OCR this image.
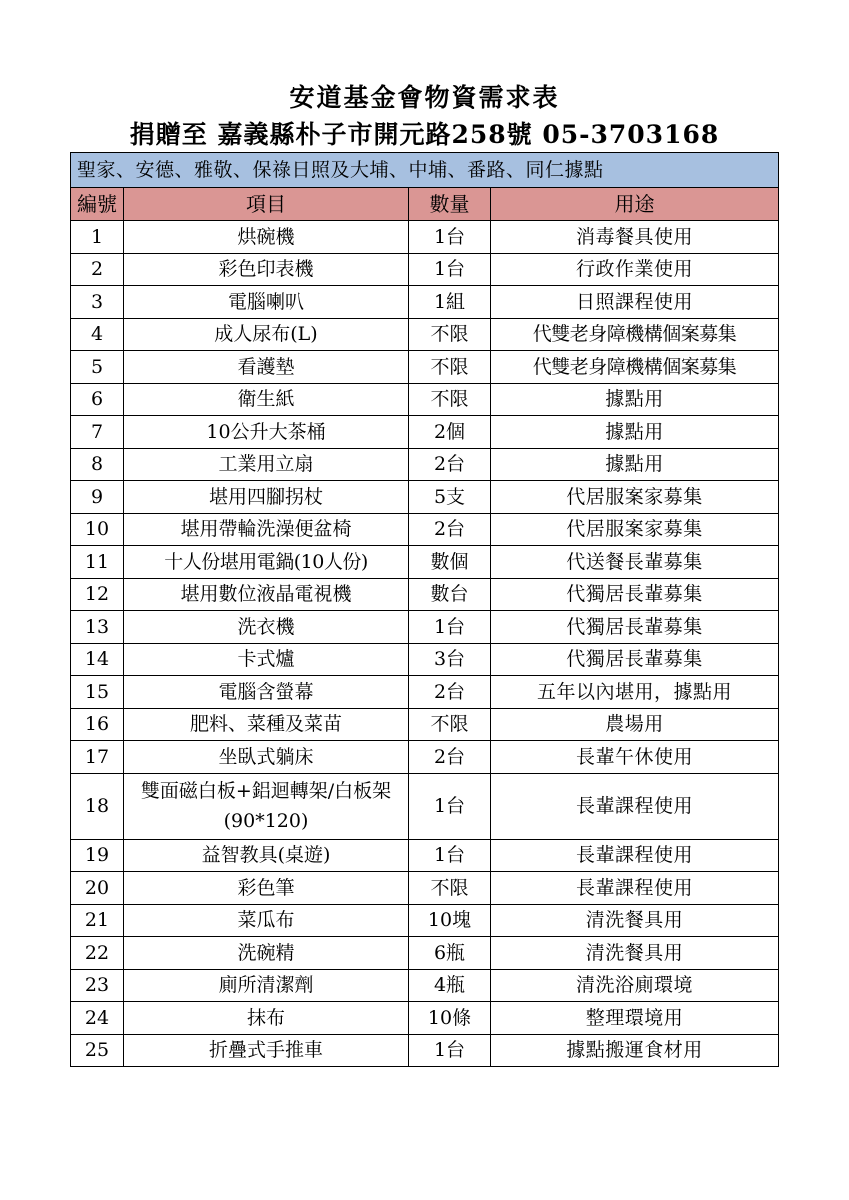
安道基金會物資需求表
捐贈至 嘉義縣朴子市開元路258號 05-3703168
聖家、安德、雅敬、保祿日照及大埔、中埔、番路、同仁據點			
編號	項目	數量	用途
1	烘碗機	1台	消毒餐具使用
2	彩色印表機	1台	行政作業使用
3	電腦喇叭	1組	日照課程使用
4	成人尿布(L)	不限	代雙老身障機構個案募集
5	看護墊	不限	代雙老身障機構個案募集
6	衛生紙	不限	據點用
7	10公升大茶桶	2個	據點用
8	工業用立扇	2台	據點用
9	堪用四腳拐杖	5支	代居服案家募集
10	堪用帶輪洗澡便盆椅	2台	代居服案家募集
11	十人份堪用電鍋(10人份)	數個	代送餐長輩募集
12	堪用數位液晶電視機	數台	代獨居長輩募集
13	洗衣機	1台	代獨居長輩募集
14	卡式爐	3台	代獨居長輩募集
15	電腦含螢幕	2台	五年以內堪用，據點用
16	肥料、菜種及菜苗	不限	農場用
17	坐臥式躺床	2台	長輩午休使用
18	雙面磁白板+鋁迴轉架/白板架(90*120)	1台	長輩課程使用
19	益智教具(桌遊)	1台	長輩課程使用
20	彩色筆	不限	長輩課程使用
21	菜瓜布	10塊	清洗餐具用
22	洗碗精	6瓶	清洗餐具用
23	廁所清潔劑	4瓶	清洗浴廁環境
24	抹布	10條	整理環境用
25	折疊式手推車	1台	據點搬運食材用
